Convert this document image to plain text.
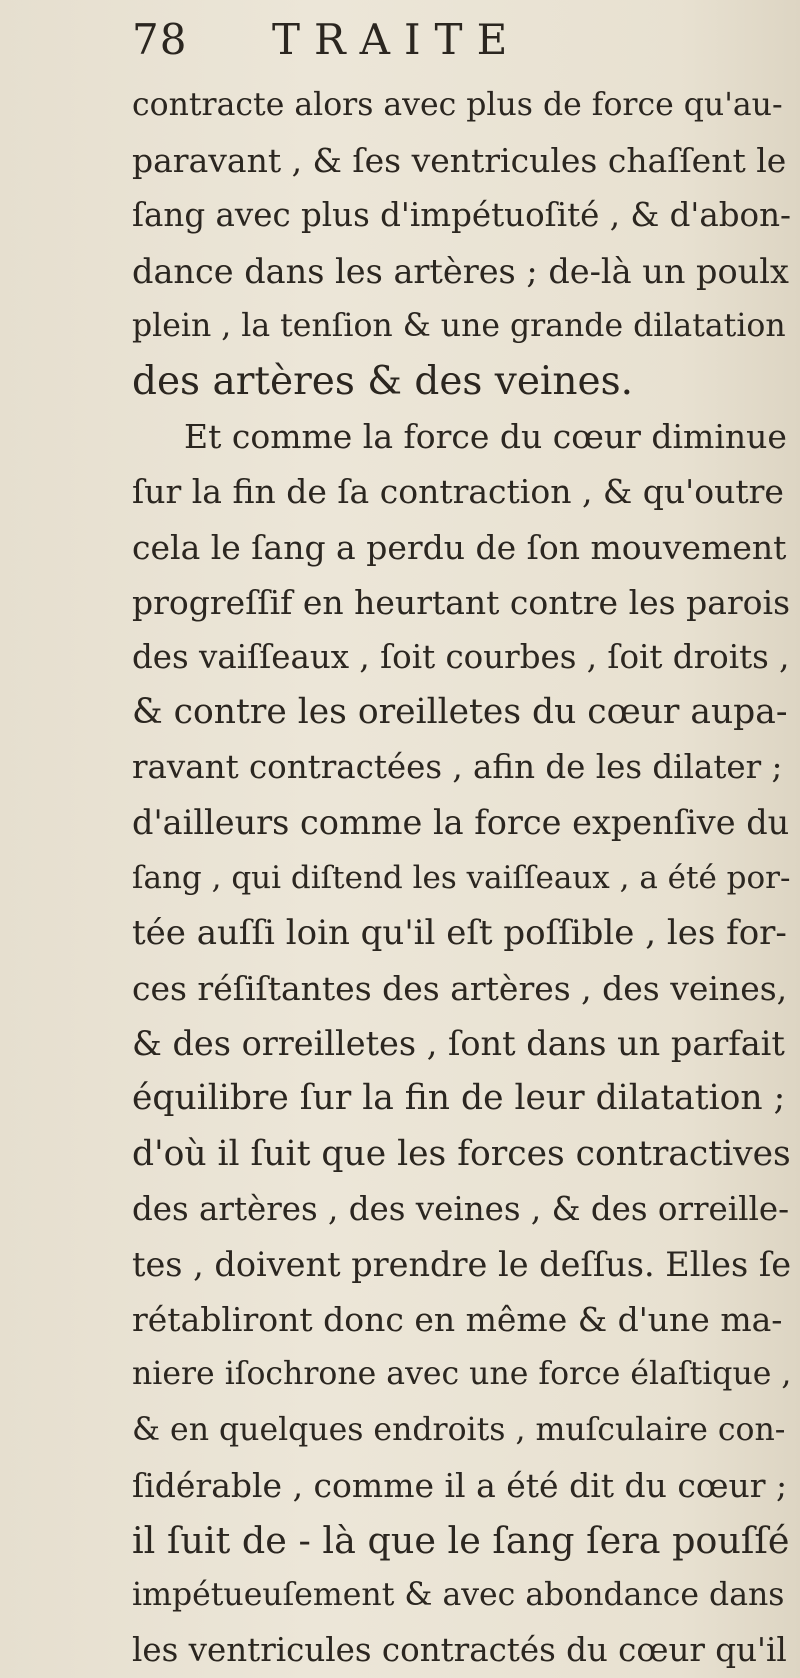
78 TRAITE
contracte alors avec plus de force qu'au-
paravant , & ſes ventricules chaſſent le
ſang avec plus d'impétuoſité , & d'abon-
dance dans les artères ; de-là un poulx
plein , la tenſion & une grande dilatation
des artères & des veines.
Et comme la force du cœur diminue
ſur la fin de ſa contraction , & qu'outre
cela le ſang a perdu de ſon mouvement
progreſſif en heurtant contre les parois
des vaiſſeaux , ſoit courbes , ſoit droits ,
& contre les oreilletes du cœur aupa-
ravant contractées , afin de les dilater ;
d'ailleurs comme la force expenſive du
ſang , qui diſtend les vaiſſeaux , a été por-
tée auſſi loin qu'il eſt poſſible , les for-
ces réſiſtantes des artères , des veines,
& des orreilletes , ſont dans un parfait
équilibre ſur la fin de leur dilatation ;
d'où il ſuit que les forces contractives
des artères , des veines , & des orreille-
tes , doivent prendre le deſſus. Elles ſe
rétabliront donc en même & d'une ma-
niere iſochrone avec une force élaſtique ,
& en quelques endroits , muſculaire con-
ſidérable , comme il a été dit du cœur ;
il ſuit de - là que le ſang ſera pouſſé
impétueuſement & avec abondance dans
les ventricules contractés du cœur qu'il
